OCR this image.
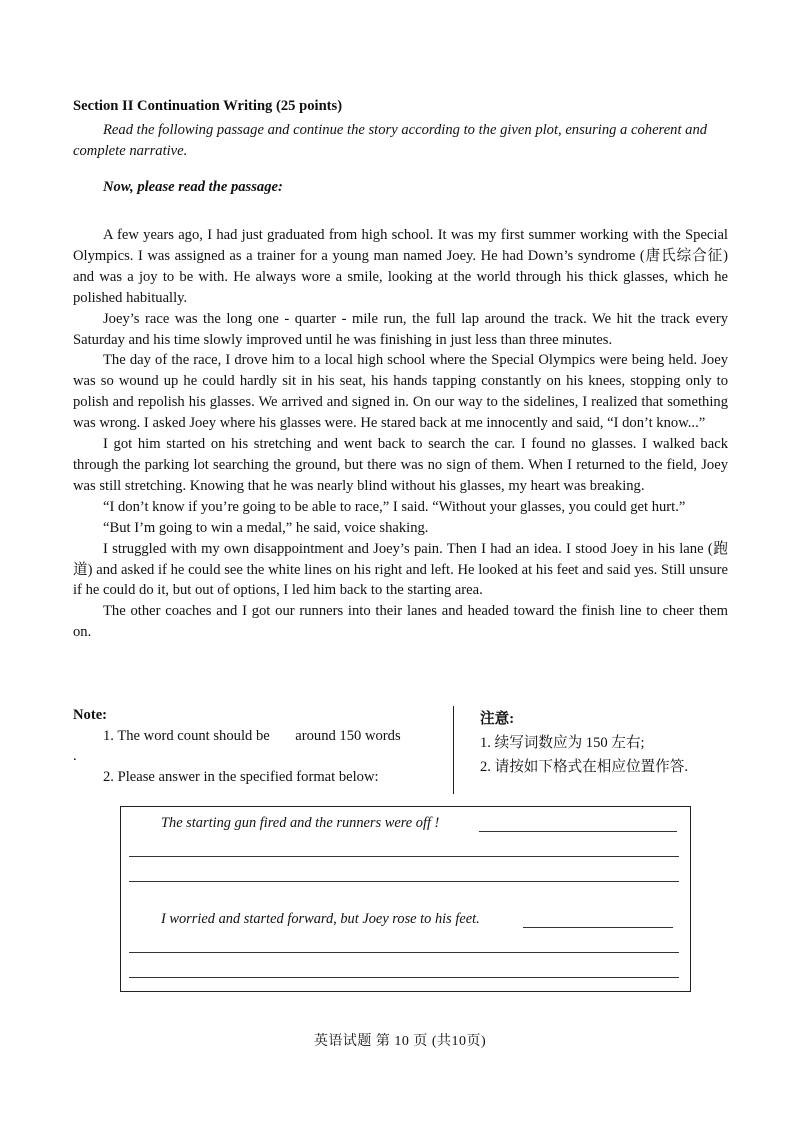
Section II Continuation Writing (25 points)
Read the following passage and continue the story according to the given plot, ensuring a coherent and complete narrative.
Now, please read the passage:

A few years ago, I had just graduated from high school. It was my first summer working with the Special Olympics. I was assigned as a trainer for a young man named Joey. He had Down’s syndrome (唐氏综合征) and was a joy to be with. He always wore a smile, looking at the world through his thick glasses, which he polished habitually.

Joey’s race was the long one - quarter - mile run, the full lap around the track. We hit the track every Saturday and his time slowly improved until he was finishing in just less than three minutes.

The day of the race, I drove him to a local high school where the Special Olympics were being held. Joey was so wound up he could hardly sit in his seat, his hands tapping constantly on his knees, stopping only to polish and repolish his glasses. We arrived and signed in. On our way to the sidelines, I realized that something was wrong. I asked Joey where his glasses were. He stared back at me innocently and said, “I don’t know...”

I got him started on his stretching and went back to search the car. I found no glasses. I walked back through the parking lot searching the ground, but there was no sign of them. When I returned to the field, Joey was still stretching. Knowing that he was nearly blind without his glasses, my heart was breaking.

“I don’t know if you’re going to be able to race,” I said. “Without your glasses, you could get hurt.”

“But I’m going to win a medal,” he said, voice shaking.

I struggled with my own disappointment and Joey’s pain. Then I had an idea. I stood Joey in his lane (跑道) and asked if he could see the white lines on his right and left. He looked at his feet and said yes. Still unsure if he could do it, but out of options, I led him back to the starting area.

The other coaches and I got our runners into their lanes and headed toward the finish line to cheer them on.

Note:
1. The word count should be       around 150 words       .
2. Please answer in the specified format below:
注意:
1. 续写词数应为 150 左右;
2. 请按如下格式在相应位置作答.
The starting gun fired and the runners were off !
I worried and started forward, but Joey rose to his feet.
英语试题 第 10 页 (共10页)
